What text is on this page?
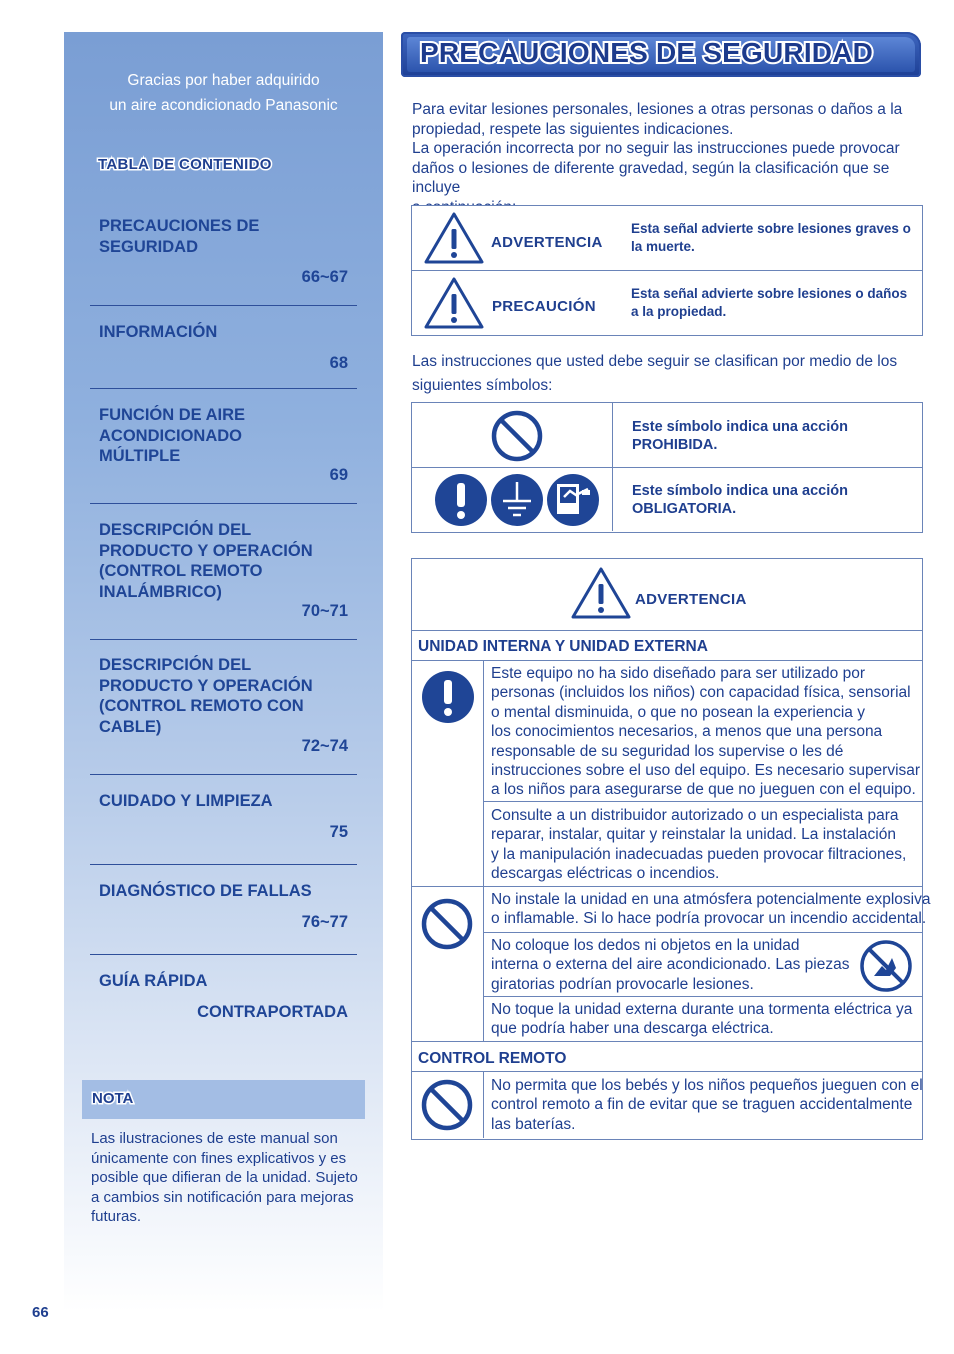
Gracias por haber adquirido
un aire acondicionado Panasonic
TABLA DE CONTENIDO
PRECAUCIONES DE SEGURIDAD
66~67
INFORMACIÓN
68
FUNCIÓN DE AIRE ACONDICIONADO MÚLTIPLE
69
DESCRIPCIÓN DEL PRODUCTO Y OPERACIÓN (CONTROL REMOTO INALÁMBRICO)
70~71
DESCRIPCIÓN DEL PRODUCTO Y OPERACIÓN (CONTROL REMOTO CON CABLE)
72~74
CUIDADO Y LIMPIEZA
75
DIAGNÓSTICO DE FALLAS
76~77
GUÍA RÁPIDA
CONTRAPORTADA
NOTA
Las ilustraciones de este manual son únicamente con fines explicativos y es posible que difieran de la unidad. Sujeto a cambios sin notificación para mejoras futuras.
66
PRECAUCIONES DE SEGURIDAD
Para evitar lesiones personales, lesiones a otras personas o daños a la
propiedad, respete las siguientes indicaciones.
La operación incorrecta por no seguir las instrucciones puede provocar
daños o lesiones de diferente gravedad, según la clasificación que se incluye
ADVERTENCIA
Esta señal advierte sobre lesiones graves o
la muerte.
PRECAUCIÓN
Esta señal advierte sobre lesiones o daños
a la propiedad.
Las instrucciones que usted debe seguir se clasifican por medio de los
siguientes símbolos:
Este símbolo indica una acción
PROHIBIDA.
Este símbolo indica una acción
OBLIGATORIA.
ADVERTENCIA
UNIDAD INTERNA Y UNIDAD EXTERNA
Este equipo no ha sido diseñado para ser utilizado por
personas (incluidos los niños) con capacidad física, sensorial
o mental disminuida, o que no posean la experiencia y
los conocimientos necesarios, a menos que una persona
responsable de su seguridad los supervise o les dé
instrucciones sobre el uso del equipo. Es necesario supervisar
a los niños para asegurarse de que no jueguen con el equipo.
Consulte a un distribuidor autorizado o un especialista para
reparar, instalar, quitar y reinstalar la unidad. La instalación
y la manipulación inadecuadas pueden provocar filtraciones,
descargas eléctricas o incendios.
No instale la unidad en una atmósfera potencialmente explosiva
o inflamable. Si lo hace podría provocar un incendio accidental.
No coloque los dedos ni objetos en la unidad
interna o externa del aire acondicionado. Las piezas
giratorias podrían provocarle lesiones.
No toque la unidad externa durante una tormenta eléctrica ya
que podría haber una descarga eléctrica.
CONTROL REMOTO
No permita que los bebés y los niños pequeños jueguen con el
control remoto a fin de evitar que se traguen accidentalmente
las baterías.
